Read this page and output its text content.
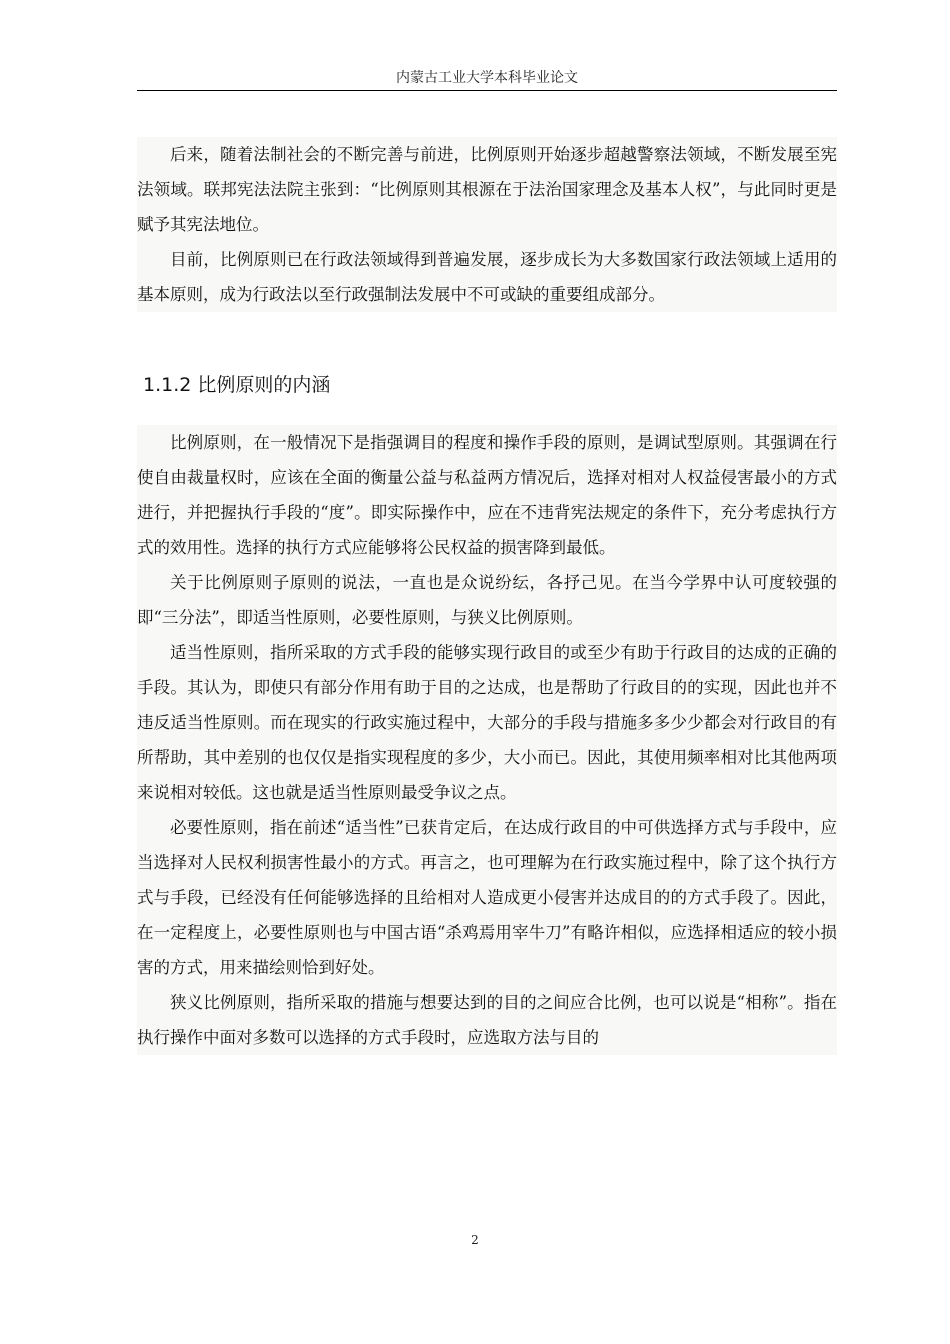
内蒙古工业大学本科毕业论文

后来，随着法制社会的不断完善与前进，比例原则开始逐步超越警察法领域，不断发展至宪法领域。联邦宪法法院主张到：“比例原则其根源在于法治国家理念及基本人权”，与此同时更是赋予其宪法地位。

目前，比例原则已在行政法领域得到普遍发展，逐步成长为大多数国家行政法领域上适用的基本原则，成为行政法以至行政强制法发展中不可或缺的重要组成部分。

1.1.2 比例原则的内涵

比例原则，在一般情况下是指强调目的程度和操作手段的原则，是调试型原则。其强调在行使自由裁量权时，应该在全面的衡量公益与私益两方情况后，选择对相对人权益侵害最小的方式进行，并把握执行手段的“度”。即实际操作中，应在不违背宪法规定的条件下，充分考虑执行方式的效用性。选择的执行方式应能够将公民权益的损害降到最低。

关于比例原则子原则的说法，一直也是众说纷纭，各抒己见。在当今学界中认可度较强的即“三分法”，即适当性原则，必要性原则，与狭义比例原则。

适当性原则，指所采取的方式手段的能够实现行政目的或至少有助于行政目的达成的正确的手段。其认为，即使只有部分作用有助于目的之达成，也是帮助了行政目的的实现，因此也并不违反适当性原则。而在现实的行政实施过程中，大部分的手段与措施多多少少都会对行政目的有所帮助，其中差别的也仅仅是指实现程度的多少，大小而已。因此，其使用频率相对比其他两项来说相对较低。这也就是适当性原则最受争议之点。

必要性原则，指在前述“适当性”已获肯定后，在达成行政目的中可供选择方式与手段中，应当选择对人民权利损害性最小的方式。再言之，也可理解为在行政实施过程中，除了这个执行方式与手段，已经没有任何能够选择的且给相对人造成更小侵害并达成目的的方式手段了。因此，在一定程度上，必要性原则也与中国古语“杀鸡焉用宰牛刀”有略许相似，应选择相适应的较小损害的方式，用来描绘则恰到好处。

狭义比例原则，指所采取的措施与想要达到的目的之间应合比例，也可以说是“相称”。指在执行操作中面对多数可以选择的方式手段时，应选取方法与目的

2
